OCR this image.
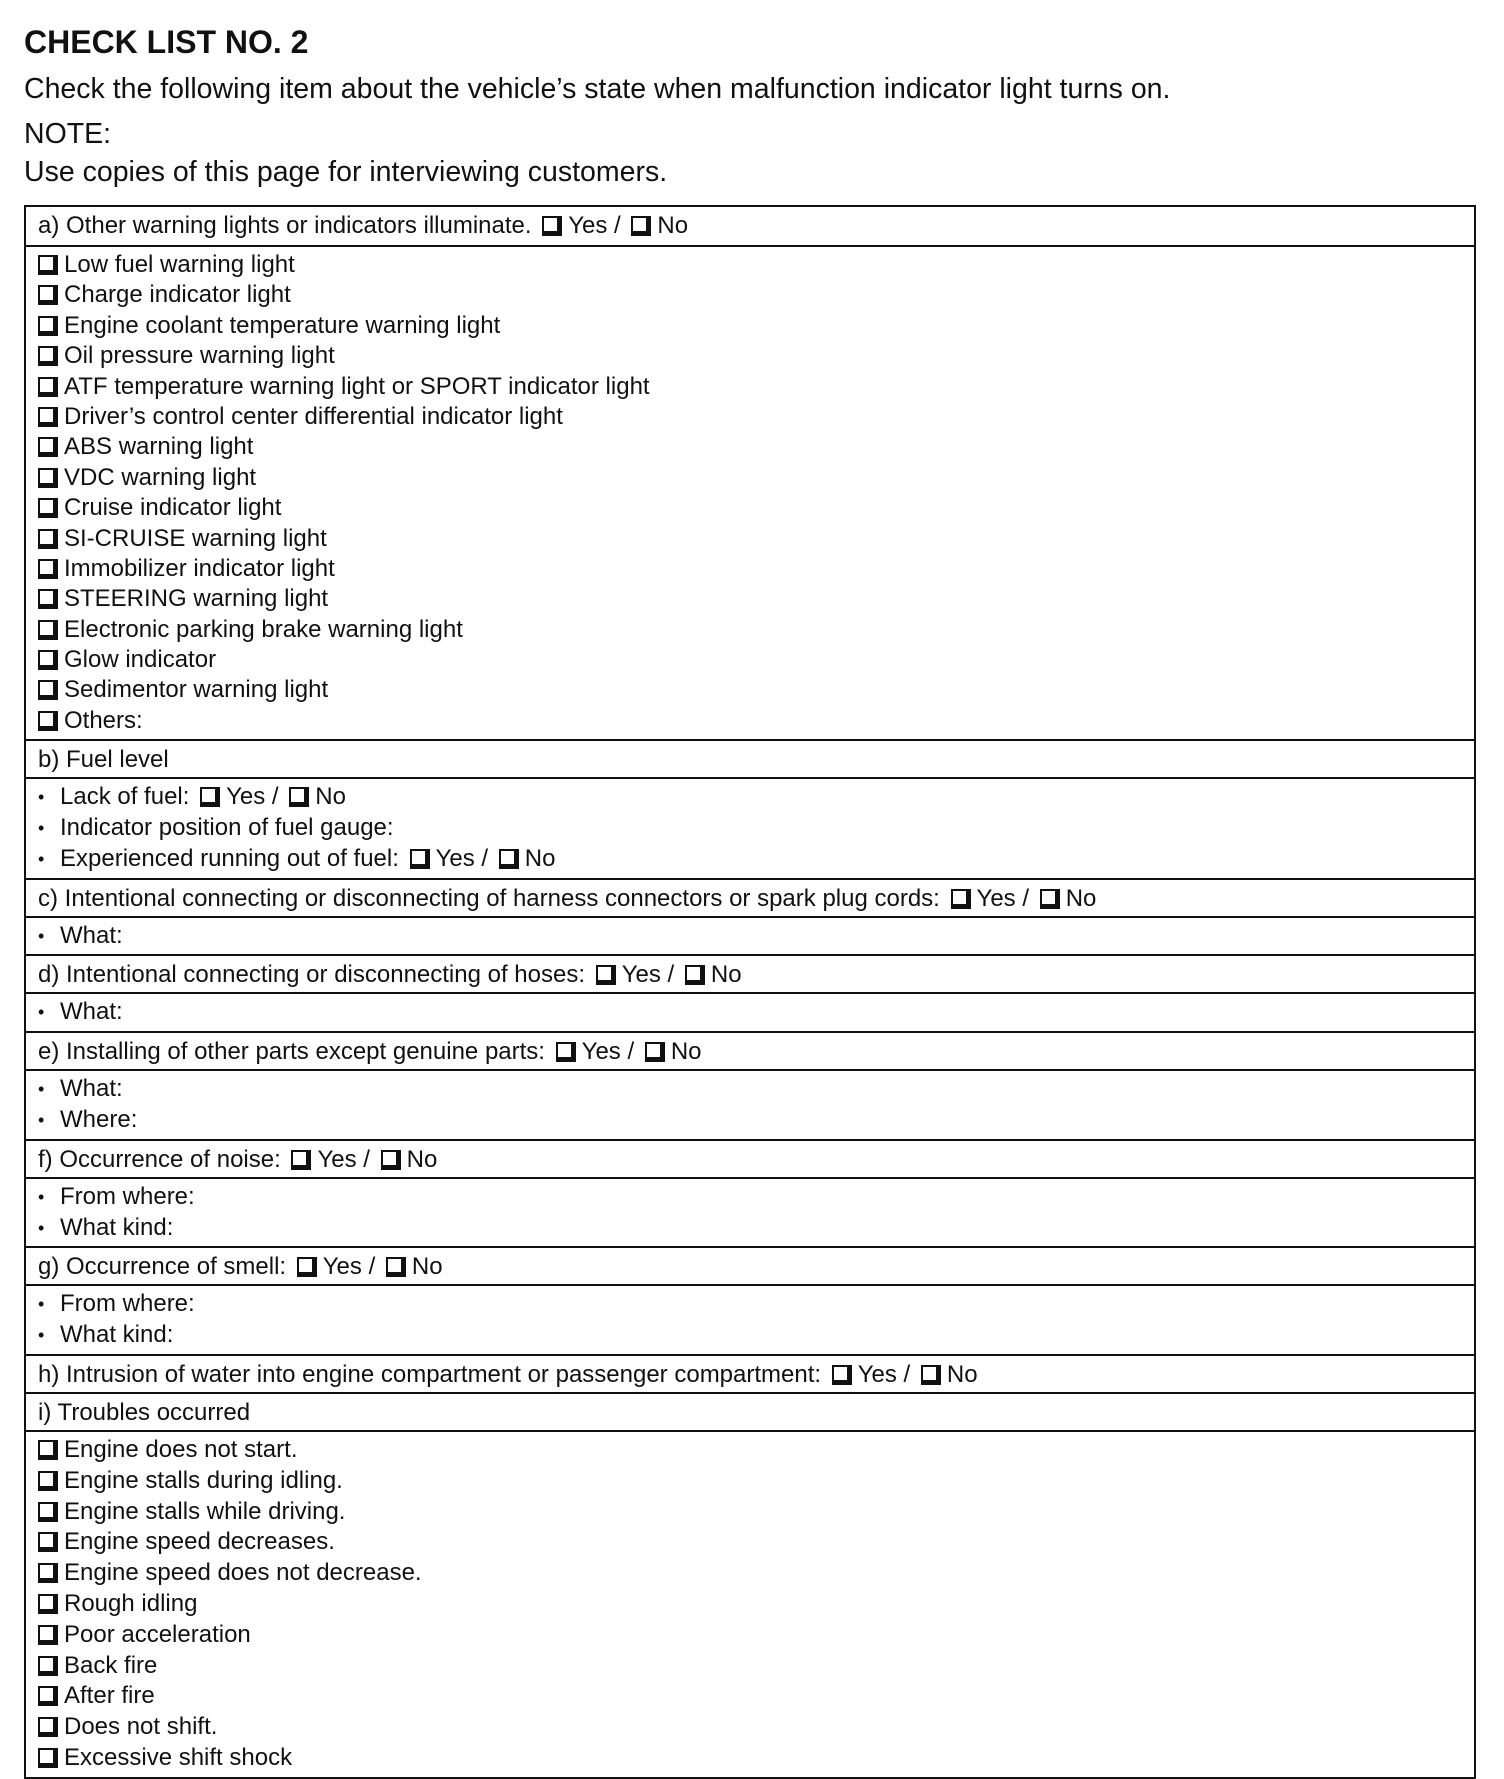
CHECK LIST NO. 2
Check the following item about the vehicle’s state when malfunction indicator light turns on.
NOTE:
Use copies of this page for interviewing customers.
a) Other warning lights or indicators illuminate. Yes / No
Low fuel warning light
Charge indicator light
Engine coolant temperature warning light
Oil pressure warning light
ATF temperature warning light or SPORT indicator light
Driver’s control center differential indicator light
ABS warning light
VDC warning light
Cruise indicator light
SI-CRUISE warning light
Immobilizer indicator light
STEERING warning light
Electronic parking brake warning light
Glow indicator
Sedimentor warning light
Others:
b) Fuel level
• Lack of fuel: Yes / No
• Indicator position of fuel gauge:
• Experienced running out of fuel: Yes / No
c) Intentional connecting or disconnecting of harness connectors or spark plug cords: Yes / No
• What:
d) Intentional connecting or disconnecting of hoses: Yes / No
• What:
e) Installing of other parts except genuine parts: Yes / No
• What:
• Where:
f) Occurrence of noise: Yes / No
• From where:
• What kind:
g) Occurrence of smell: Yes / No
• From where:
• What kind:
h) Intrusion of water into engine compartment or passenger compartment: Yes / No
i) Troubles occurred
Engine does not start.
Engine stalls during idling.
Engine stalls while driving.
Engine speed decreases.
Engine speed does not decrease.
Rough idling
Poor acceleration
Back fire
After fire
Does not shift.
Excessive shift shock
